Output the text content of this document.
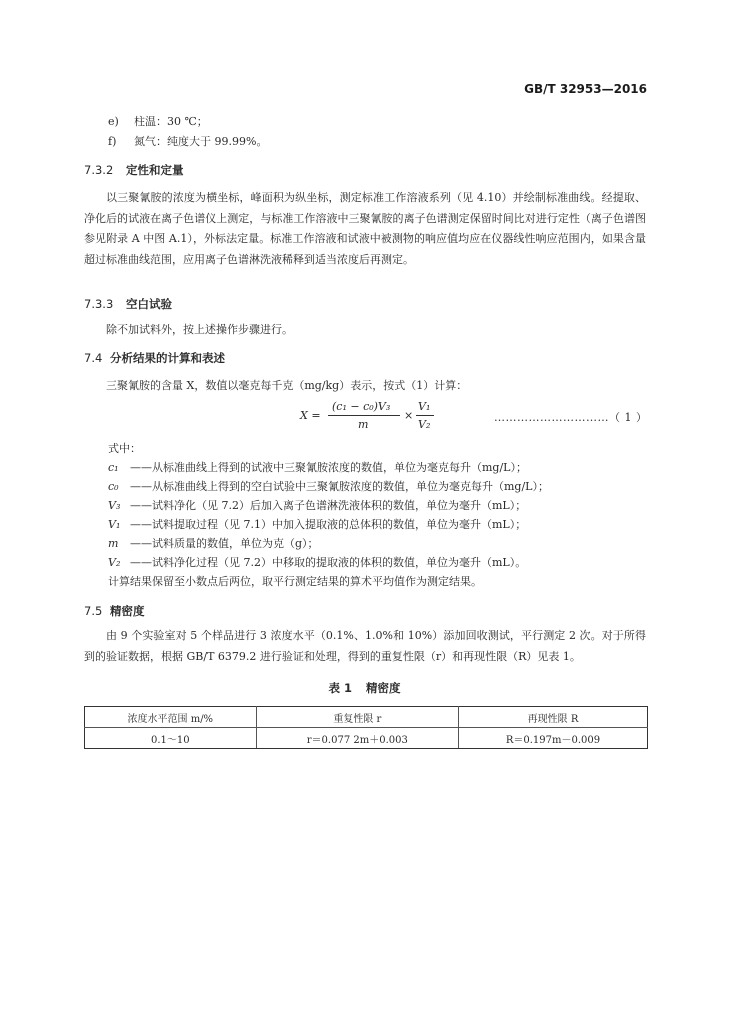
GB/T 32953—2016
e) 柱温：30 ℃；
f) 氮气：纯度大于 99.99%。
7.3.2 定性和定量
以三聚氰胺的浓度为横坐标，峰面积为纵坐标，测定标准工作溶液系列（见 4.10）并绘制标准曲线。经提取、净化后的试液在离子色谱仪上测定，与标准工作溶液中三聚氰胺的离子色谱测定保留时间比对进行定性（离子色谱图参见附录 A 中图 A.1），外标法定量。标准工作溶液和试液中被测物的响应值均应在仪器线性响应范围内，如果含量超过标准曲线范围，应用离子色谱淋洗液稀释到适当浓度后再测定。
7.3.3 空白试验
除不加试料外，按上述操作步骤进行。
7.4 分析结果的计算和表述
三聚氰胺的含量 X，数值以毫克每千克（mg/kg）表示，按式（1）计算：
X =
(c₁ − c₀)V₃
m
×
V₁
V₂
…………………………（ 1 ）
式中：
c₁ ——从标准曲线上得到的试液中三聚氰胺浓度的数值，单位为毫克每升（mg/L）；
c₀ ——从标准曲线上得到的空白试验中三聚氰胺浓度的数值，单位为毫克每升（mg/L）；
V₃ ——试料净化（见 7.2）后加入离子色谱淋洗液体积的数值，单位为毫升（mL）；
V₁ ——试料提取过程（见 7.1）中加入提取液的总体积的数值，单位为毫升（mL）；
m ——试料质量的数值，单位为克（g）；
V₂ ——试料净化过程（见 7.2）中移取的提取液的体积的数值，单位为毫升（mL）。
计算结果保留至小数点后两位，取平行测定结果的算术平均值作为测定结果。
7.5 精密度
由 9 个实验室对 5 个样品进行 3 浓度水平（0.1%、1.0%和 10%）添加回收测试，平行测定 2 次。对于所得到的验证数据，根据 GB/T 6379.2 进行验证和处理，得到的重复性限（r）和再现性限（R）见表 1。
表 1 精密度
浓度水平范围 m/%	重复性限 r	再现性限 R
0.1～10	r＝0.077 2m＋0.003	R＝0.197m－0.009
